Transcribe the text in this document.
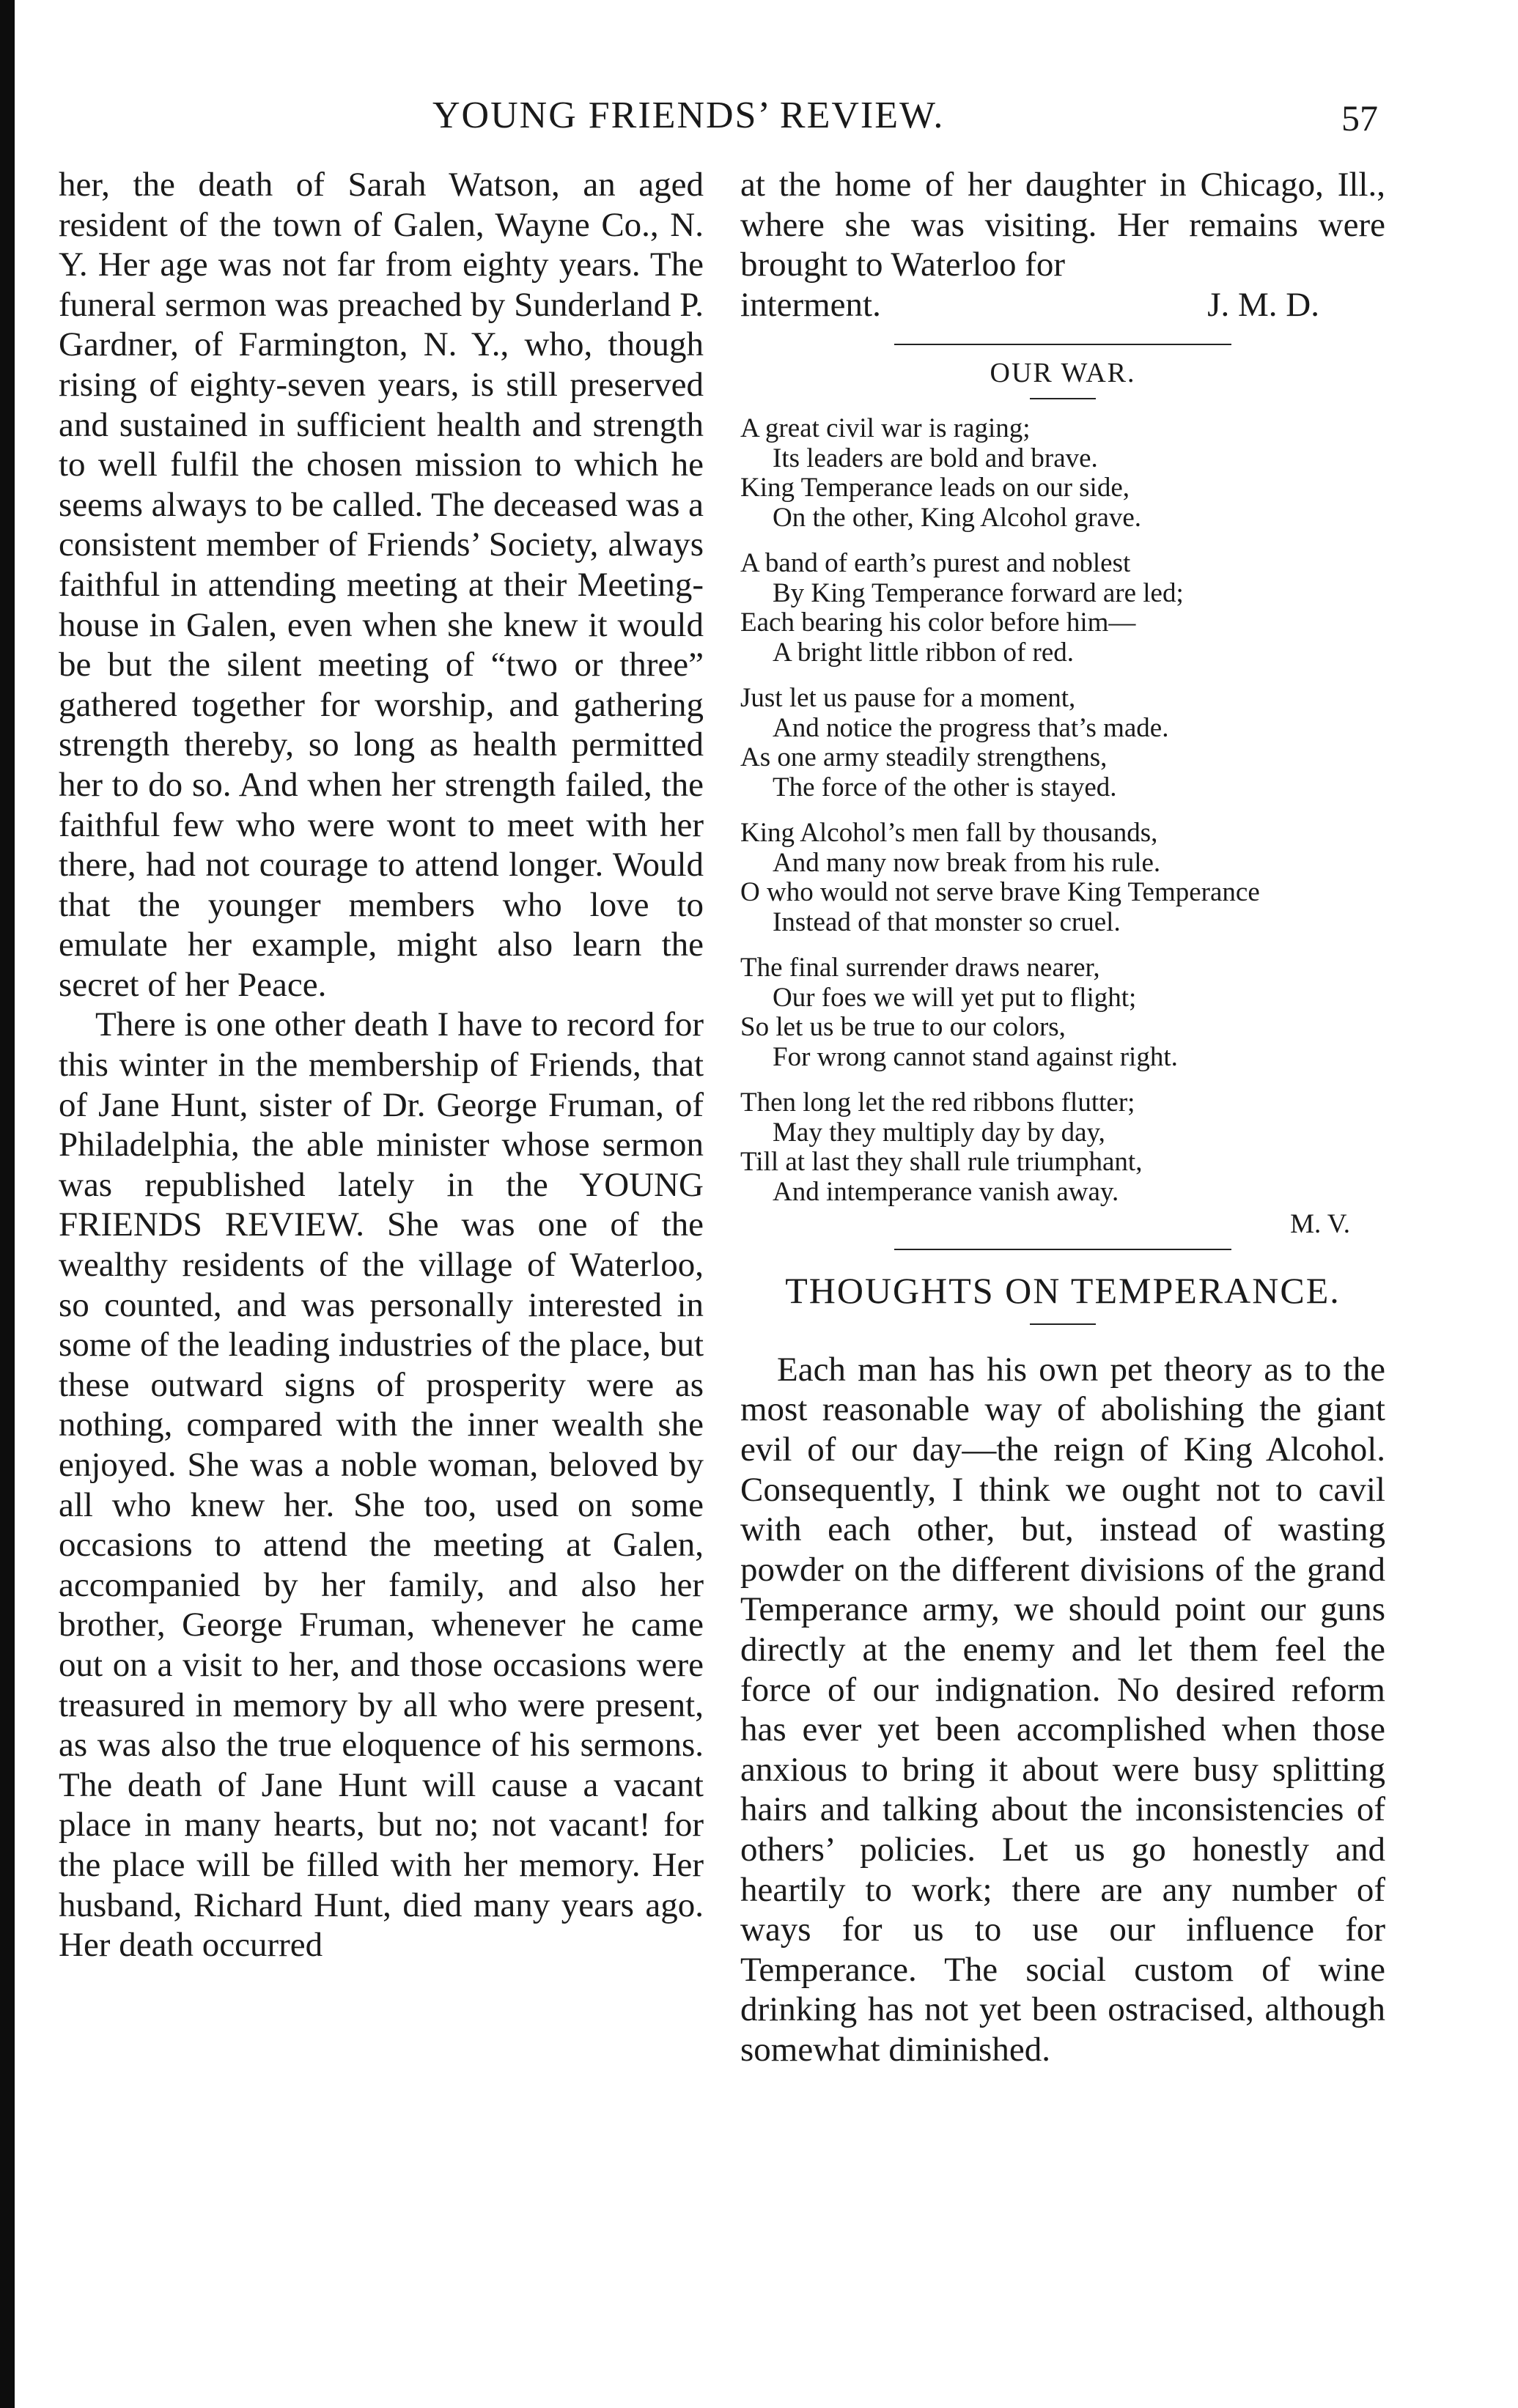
YOUNG FRIENDS’ REVIEW.	57

her, the death of Sarah Watson, an aged resident of the town of Galen, Wayne Co., N. Y. Her age was not far from eighty years. The funeral sermon was preached by Sunderland P. Gardner, of Farmington, N. Y., who, though rising of eighty-seven years, is still preserved and sustained in sufficient health and strength to well fulfil the chosen mission to which he seems always to be called. The deceased was a consistent member of Friends’ Society, always faithful in attending meeting at their Meeting-house in Galen, even when she knew it would be but the silent meeting of “two or three” gathered together for worship, and gathering strength thereby, so long as health permitted her to do so. And when her strength failed, the faithful few who were wont to meet with her there, had not courage to attend longer. Would that the younger members who love to emulate her example, might also learn the secret of her Peace.

There is one other death I have to record for this winter in the membership of Friends, that of Jane Hunt, sister of Dr. George Fruman, of Philadelphia, the able minister whose sermon was republished lately in the YOUNG FRIENDS REVIEW. She was one of the wealthy residents of the village of Waterloo, so counted, and was personally interested in some of the leading industries of the place, but these outward signs of prosperity were as nothing, compared with the inner wealth she enjoyed. She was a noble woman, beloved by all who knew her. She too, used on some occasions to attend the meeting at Galen, accompanied by her family, and also her brother, George Fruman, whenever he came out on a visit to her, and those occasions were treasured in memory by all who were present, as was also the true eloquence of his sermons. The death of Jane Hunt will cause a vacant place in many hearts, but no; not vacant! for the place will be filled with her memory. Her husband, Richard Hunt, died many years ago. Her death occurred

at the home of her daughter in Chicago, Ill., where she was visiting. Her remains were brought to Waterloo for

interment.	J. M. D.

OUR WAR.

A great civil war is raging;
Its leaders are bold and brave.
King Temperance leads on our side,
On the other, King Alcohol grave.
A band of earth’s purest and noblest
By King Temperance forward are led;
Each bearing his color before him—
A bright little ribbon of red.
Just let us pause for a moment,
And notice the progress that’s made.
As one army steadily strengthens,
The force of the other is stayed.
King Alcohol’s men fall by thousands,
And many now break from his rule.
O who would not serve brave King Temperance
Instead of that monster so cruel.
The final surrender draws nearer,
Our foes we will yet put to flight;
So let us be true to our colors,
For wrong cannot stand against right.
Then long let the red ribbons flutter;
May they multiply day by day,
Till at last they shall rule triumphant,
And intemperance vanish away.

M. V.

THOUGHTS ON TEMPERANCE.

Each man has his own pet theory as to the most reasonable way of abolishing the giant evil of our day—the reign of King Alcohol. Consequently, I think we ought not to cavil with each other, but, instead of wasting powder on the different divisions of the grand Temperance army, we should point our guns directly at the enemy and let them feel the force of our indignation. No desired reform has ever yet been accomplished when those anxious to bring it about were busy splitting hairs and talking about the inconsistencies of others’ policies. Let us go honestly and heartily to work; there are any number of ways for us to use our influence for Temperance. The social custom of wine drinking has not yet been ostracised, although somewhat diminished.
